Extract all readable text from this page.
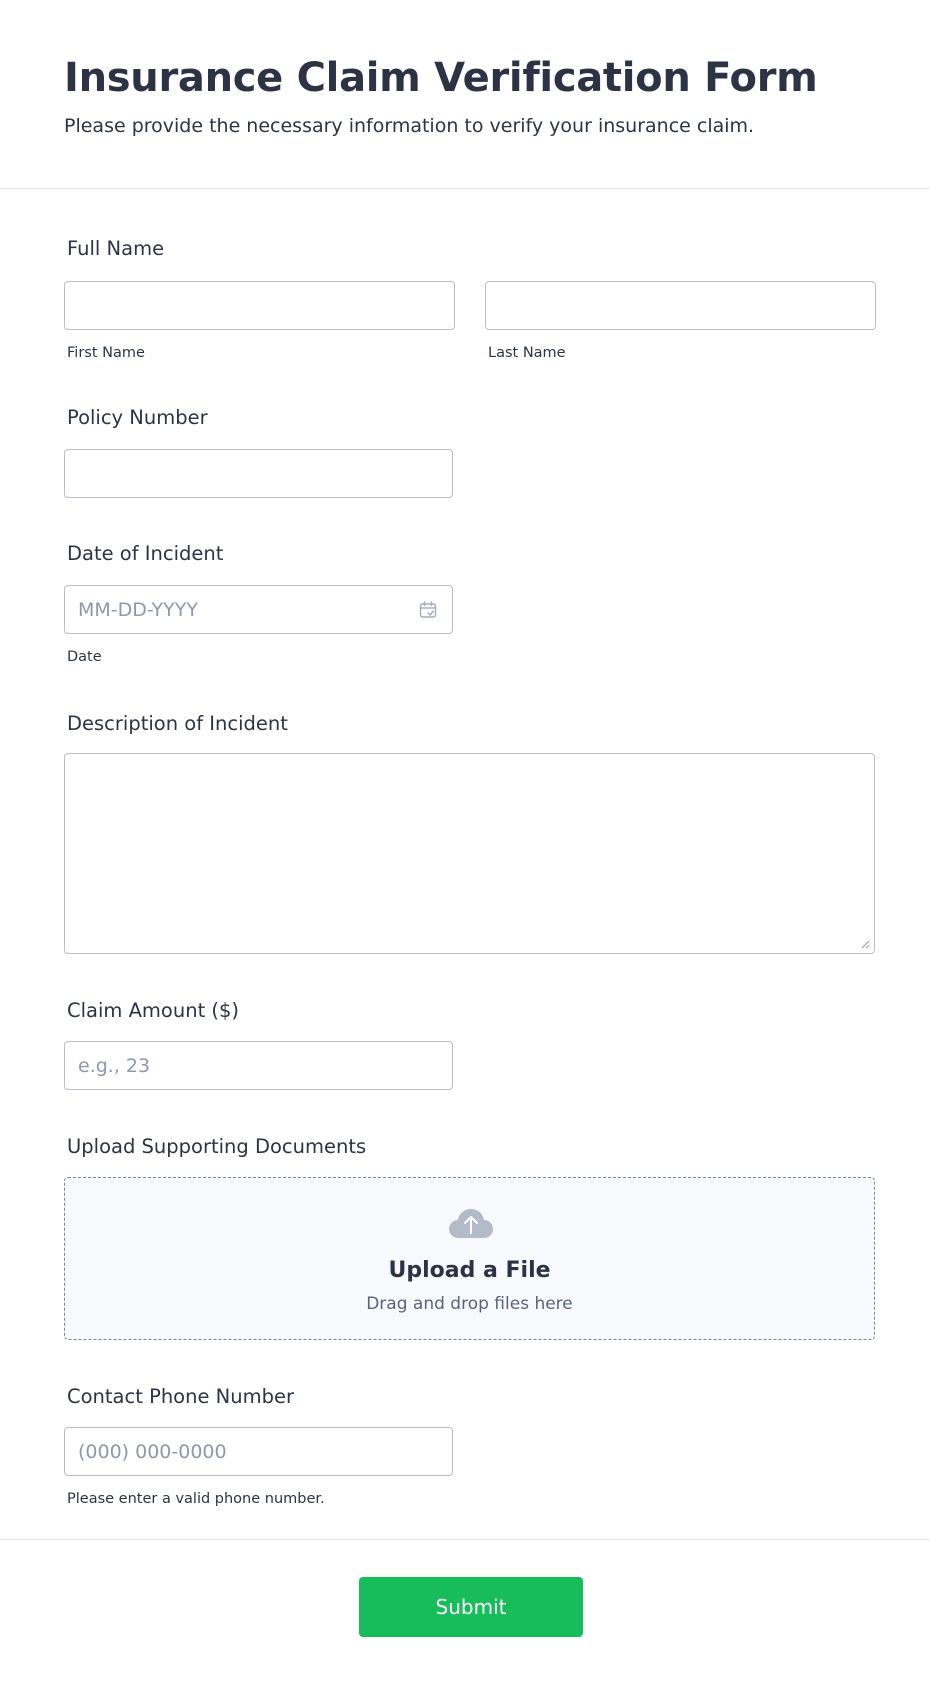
Insurance Claim Verification Form

Please provide the necessary information to verify your insurance claim.

Full Name
First Name	Last Name
Policy Number
Date of Incident
MM-DD-YYYY
Date
Description of Incident
Claim Amount ($)
e.g., 23
Upload Supporting Documents
Upload a File
Drag and drop files here
Contact Phone Number
(000) 000-0000
Please enter a valid phone number.
Submit
